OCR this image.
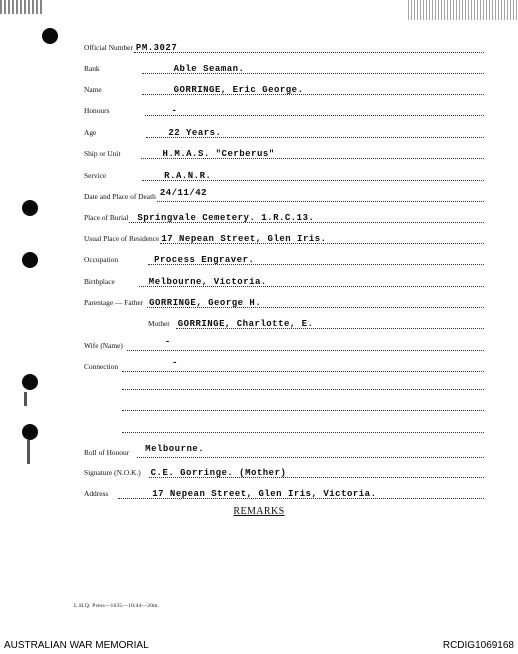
Official Number PM.3027
Rank	Able Seaman.
Name	GORRINGE, Eric George.
Honours	-
Age	22 Years.
Ship or Unit	H.M.A.S. "Cerberus"
Service	R.A.N.R.
Date and Place of Death 24/11/42
Place of Burial Springvale Cemetery. 1.R.C.13.
Usual Place of Residence 17 Nepean Street, Glen Iris.
Occupation	Process Engraver.
Birthplace	Melbourne, Victoria.
Parentage — Father GORRINGE, George H.
Mother GORRINGE, Charlotte, E.
Wife (Name)	-
Connection	-
Roll of Honour Melbourne.
Signature (N.O.K.) C.E. Gorringe. (Mother)
Address	17 Nepean Street, Glen Iris, Victoria.
REMARKS
L.H.Q. Press—1635—10/44—20m.
AUSTRALIAN WAR MEMORIAL	RCDIG1069168
